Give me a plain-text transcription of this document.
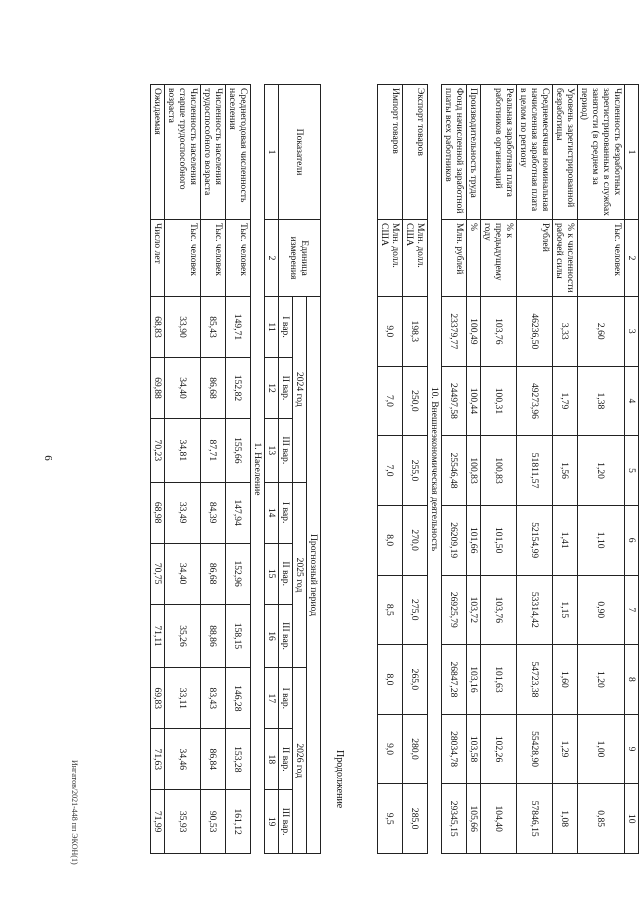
6
1	2	3	4	5	6	7	8	9	10
Численность безработных зарегистрированных в службах занятости (в среднем за период)	Тыс. человек	2,60	1,38	1,20	1,10	0,90	1,20	1,00	0,85
Уровень зарегистрированной безработицы	% к численности рабочей силы	3,33	1,79	1,56	1,41	1,15	1,60	1,29	1,08
Среднемесячная номинальная начисленная заработная плата в целом по региону	Рублей	46236,50	49273,96	51811,57	52154,99	53314,42	54723,38	55428,90	57846,15
Реальная заработная плата работников организаций	% к предыдущему году	103,76	100,31	100,83	101,50	103,76	101,63	102,26	104,40
Производительность труда	%	100,49	100,44	100,83	101,66	103,72	103,16	103,58	105,66
Фонд начисленной заработной платы всех работников	Млн. рублей	23379,77	24497,58	25546,48	26209,19	26925,79	26847,28	28034,78	29345,15
10. Внешнеэкономическая деятельность									
Экспорт товаров	Млн. долл. США	198,3	250,0	255,0	270,0	275,0	265,0	280,0	285,0
Импорт товаров	Млн. долл. США	9,0	7,0	7,0	8,0	8,5	8,0	9,0	9,5
Продолжение
Показатели	Единица измерения	Прогнозный период								
		2024 год			2025 год			2026 год		
		I вар.	II вар.	III вар.	I вар.	II вар.	III вар.	I вар.	II вар.	III вар.
1	2	11	12	13	14	15	16	17	18	19
1. Население										
Среднегодовая численность населения	Тыс. человек	149,71	152,82	155,66	147,94	152,96	158,15	146,28	153,28	161,12
Численность населения трудоспособного возраста	Тыс. человек	85,43	86,68	87,71	84,39	86,68	88,86	83,43	86,84	90,53
Численность населения старше трудоспособного возраста	Тыс. человек	33,90	34,40	34,81	33,49	34,40	35,26	33,11	34,46	35,93
Ожидаемая	Число лет	68,83	69,88	70,23	68,98	70,75	71,11	69,83	71,63	71,99
Ингатов/2021-448 пп ЭКОН(1)
